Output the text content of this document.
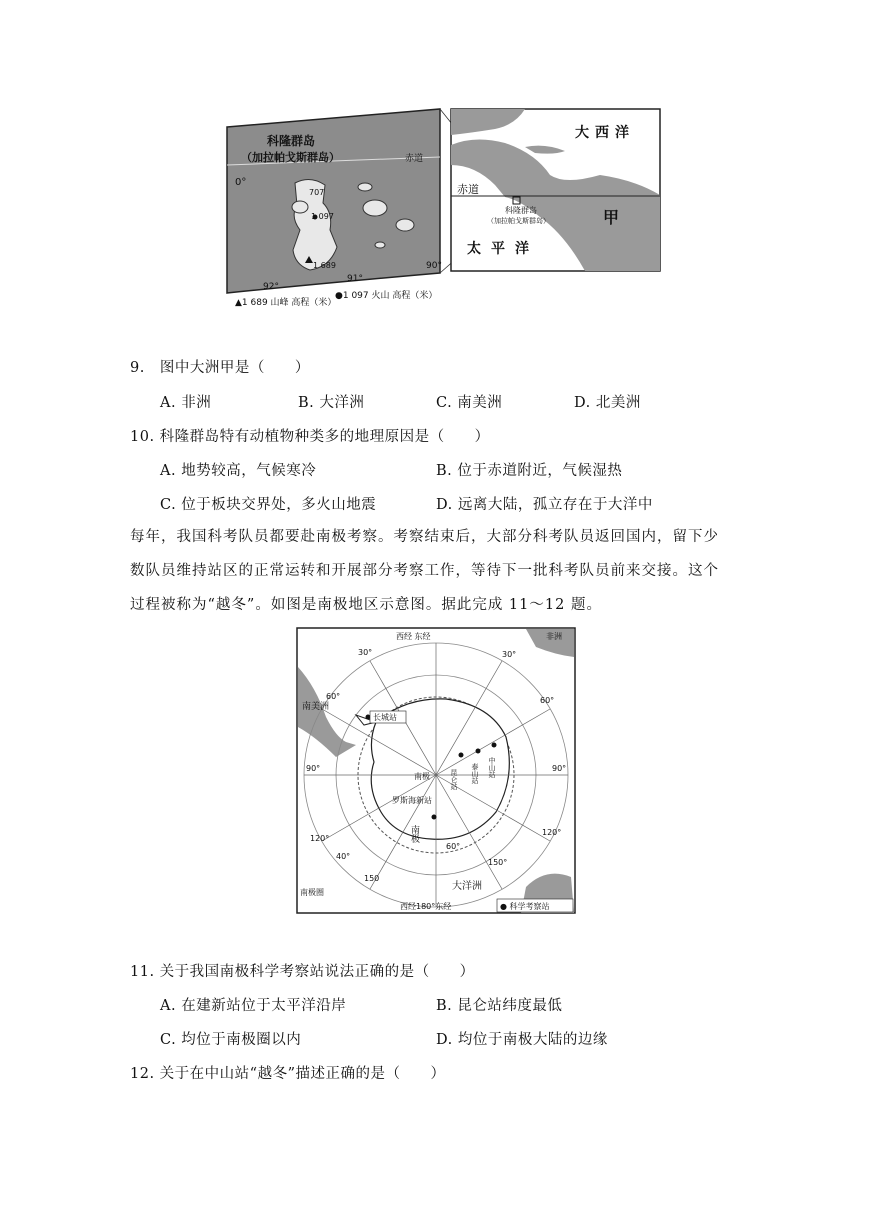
科隆群岛
（加拉帕戈斯群岛）	赤道
0°
707
1 097
1 689
92°
91°
90°
▲1 689 山峰 高程（米）
●1 097 火山 高程（米）
大西洋
赤道
科隆群岛
（加拉帕戈斯群岛）	甲
太平洋
9.　图中大洲甲是（　　）
A. 非洲	B. 大洋洲	C. 南美洲	D. 北美洲
10. 科隆群岛特有动植物种类多的地理原因是（　　）
A. 地势较高，气候寒冷	B. 位于赤道附近，气候湿热
C. 位于板块交界处，多火山地震	D. 远离大陆，孤立存在于大洋中
每年，我国科考队员都要赴南极考察。考察结束后，大部分科考队员返回国内，留下少数队员维持站区的正常运转和开展部分考察工作，等待下一批科考队员前来交接。这个过程被称为“越冬”。如图是南极地区示意图。据此完成 11～12 题。
西经 东经	非洲
南美洲
长城站
昆仑站 泰山站 中山站
南极
罗斯海新站
南极
大洋洲
南极圈
西经180°东经	● 科学考察站
90°	90°
120°
120°
150
150°
60°	60°
30°	30°
60°
40°
11. 关于我国南极科学考察站说法正确的是（　　）
A. 在建新站位于太平洋沿岸	B. 昆仑站纬度最低
C. 均位于南极圈以内	D. 均位于南极大陆的边缘
12. 关于在中山站“越冬”描述正确的是（　　）
